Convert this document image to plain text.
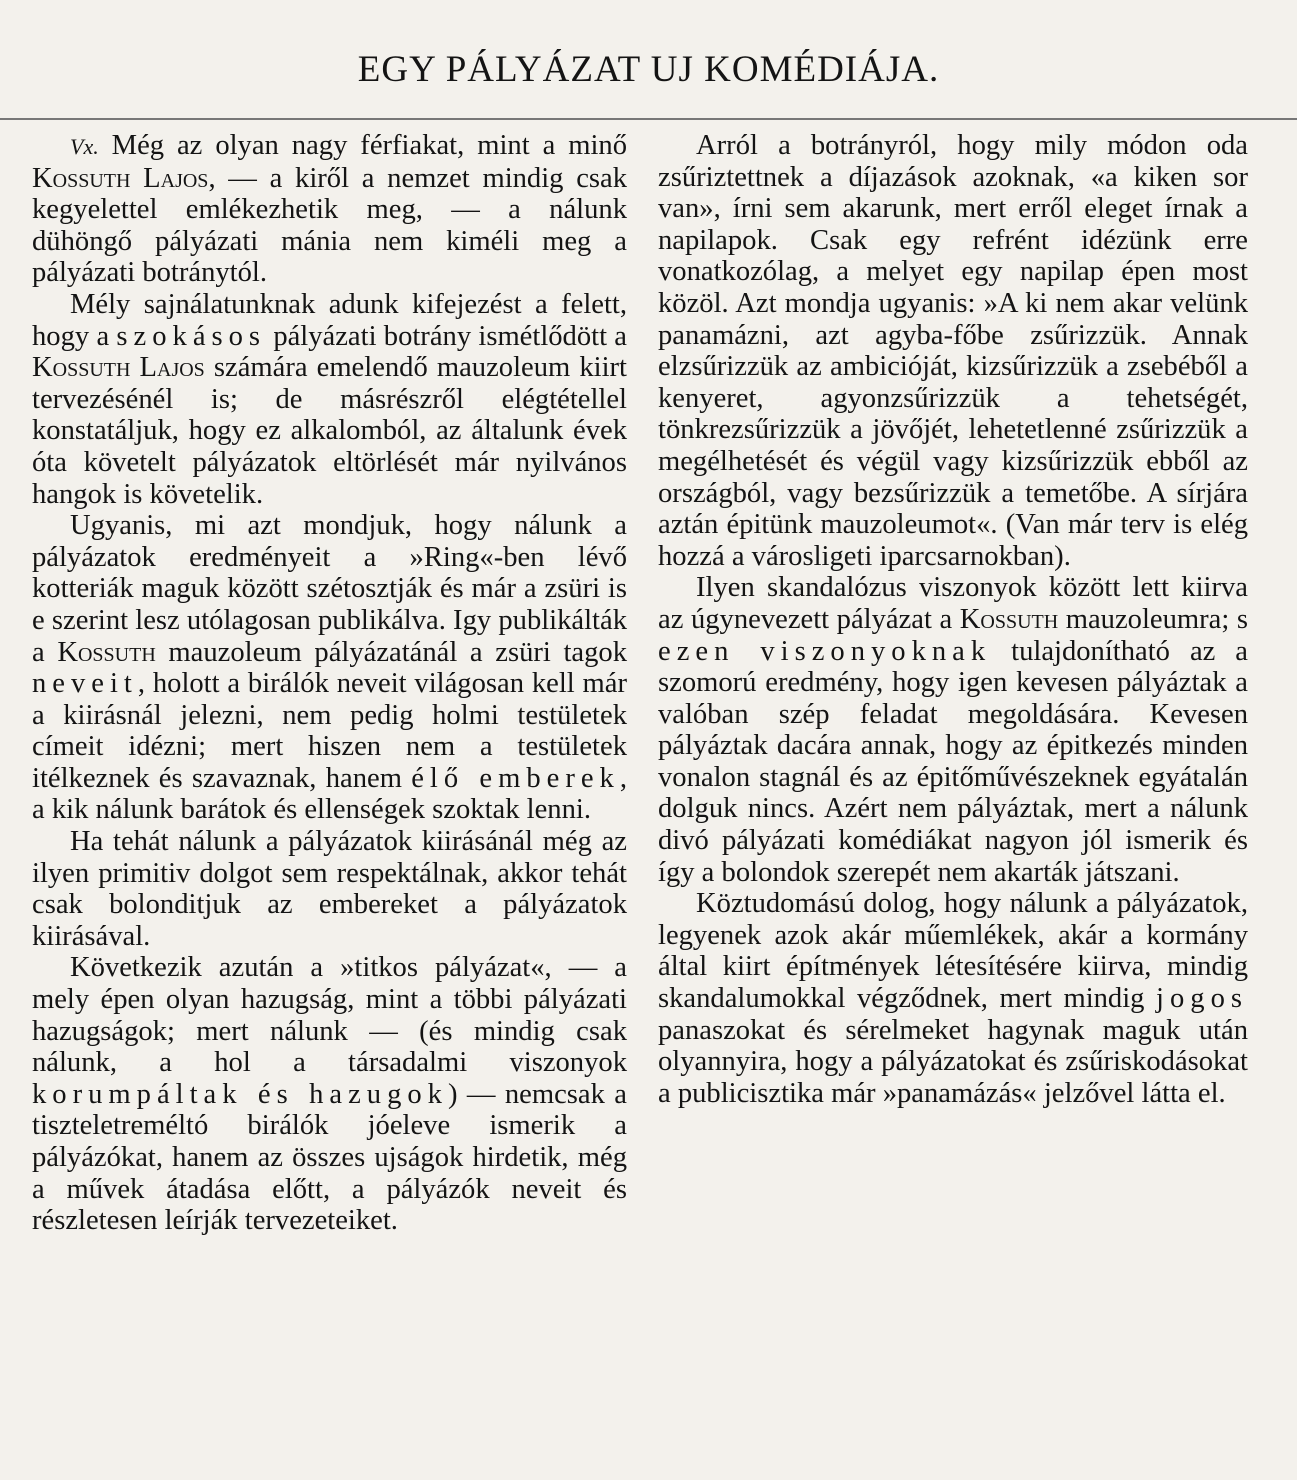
EGY PÁLYÁZAT UJ KOMÉDIÁJA.

Vx. Még az olyan nagy férfiakat, mint a minő Kossuth Lajos, — a kiről a nemzet mindig csak kegyelettel emlékezhetik meg, — a nálunk dühöngő pályázati mánia nem kiméli meg a pályázati botránytól.

Mély sajnálatunknak adunk kifejezést a felett, hogy a szokásos pályázati botrány ismétlődött a Kossuth Lajos számára emelendő mauzoleum kiirt tervezésénél is; de másrészről elégtétellel konstatáljuk, hogy ez alkalomból, az általunk évek óta követelt pályázatok eltörlését már nyilvános hangok is követelik.

Ugyanis, mi azt mondjuk, hogy nálunk a pályázatok eredményeit a »Ring«-ben lévő kotteriák maguk között szétosztják és már a zsüri is e szerint lesz utólagosan publikálva. Igy publikálták a Kossuth mauzoleum pályázatánál a zsüri tagok neveit, holott a birálók neveit világosan kell már a kiirásnál jelezni, nem pedig holmi testületek címeit idézni; mert hiszen nem a testületek itélkeznek és szavaznak, hanem élő emberek, a kik nálunk barátok és ellenségek szoktak lenni.

Ha tehát nálunk a pályázatok kiirásánál még az ilyen primitiv dolgot sem respektálnak, akkor tehát csak bolonditjuk az embereket a pályázatok kiirásával.

Következik azután a »titkos pályázat«, — a mely épen olyan hazugság, mint a többi pályázati hazugságok; mert nálunk — (és mindig csak nálunk, a hol a társadalmi viszonyok korumpáltak és hazugok) — nemcsak a tiszteletreméltó birálók jóeleve ismerik a pályázókat, hanem az összes ujságok hirdetik, még a művek átadása előtt, a pályázók neveit és részletesen leírják tervezeteiket.

Arról a botrányról, hogy mily módon oda zsűriztettnek a díjazások azoknak, «a kiken sor van», írni sem akarunk, mert erről eleget írnak a napilapok. Csak egy refrént idézünk erre vonatkozólag, a melyet egy napilap épen most közöl. Azt mondja ugyanis: »A ki nem akar velünk panamázni, azt agyba-főbe zsűrizzük. Annak elzsűrizzük az ambicióját, kizsűrizzük a zsebéből a kenyeret, agyonzsűrizzük a tehetségét, tönkrezsűrizzük a jövőjét, lehetetlenné zsűrizzük a megélhetését és végül vagy kizsűrizzük ebből az országból, vagy bezsűrizzük a temetőbe. A sírjára aztán épitünk mauzoleumot«. (Van már terv is elég hozzá a városligeti iparcsarnokban).

Ilyen skandalózus viszonyok között lett kiirva az úgynevezett pályázat a Kossuth mauzoleumra; s ezen viszonyoknak tulajdonítható az a szomorú eredmény, hogy igen kevesen pályáztak a valóban szép feladat megoldására. Kevesen pályáztak dacára annak, hogy az épitkezés minden vonalon stagnál és az épitőművészeknek egyátalán dolguk nincs. Azért nem pályáztak, mert a nálunk divó pályázati komédiákat nagyon jól ismerik és így a bolondok szerepét nem akarták játszani.

Köztudomású dolog, hogy nálunk a pályázatok, legyenek azok akár műemlékek, akár a kormány által kiirt építmények létesítésére kiirva, mindig skandalumokkal végződnek, mert mindig jogos panaszokat és sérelmeket hagynak maguk után olyannyira, hogy a pályázatokat és zsűriskodásokat a publicisztika már »panamázás« jelzővel látta el.
